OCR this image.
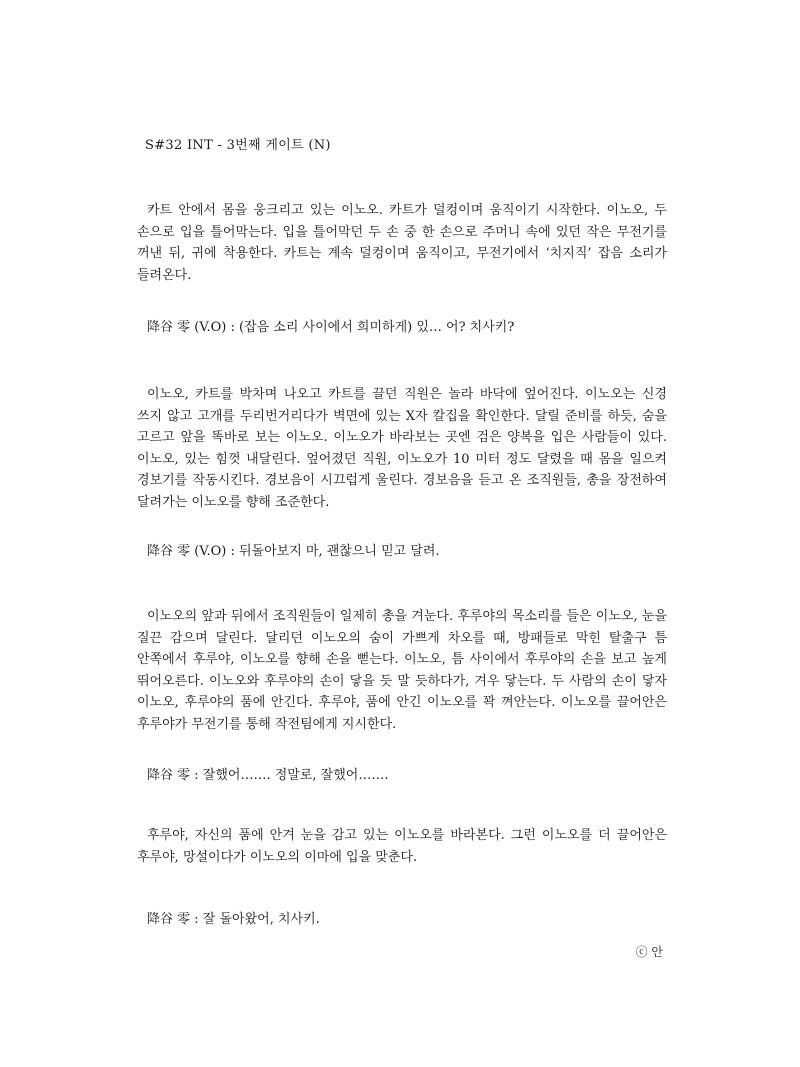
S#32 INT - 3번째 게이트 (N)

카트 안에서 몸을 웅크리고 있는 이노오. 카트가 덜컹이며 움직이기 시작한다. 이노오, 두 손으로 입을 틀어막는다. 입을 틀어막던 두 손 중 한 손으로 주머니 속에 있던 작은 무전기를 꺼낸 뒤, 귀에 착용한다. 카트는 계속 덜컹이며 움직이고, 무전기에서 ‘치지직’ 잡음 소리가 들려온다.

降谷 零 (V.O) : (잡음 소리 사이에서 희미하게) 있… 어? 치사키?

이노오, 카트를 박차며 나오고 카트를 끌던 직원은 놀라 바닥에 엎어진다. 이노오는 신경 쓰지 않고 고개를 두리번거리다가 벽면에 있는 X자 칼집을 확인한다. 달릴 준비를 하듯, 숨을 고르고 앞을 똑바로 보는 이노오. 이노오가 바라보는 곳엔 검은 양복을 입은 사람들이 있다. 이노오, 있는 힘껏 내달린다. 엎어졌던 직원, 이노오가 10 미터 정도 달렸을 때 몸을 일으켜 경보기를 작동시킨다. 경보음이 시끄럽게 울린다. 경보음을 듣고 온 조직원들, 총을 장전하여 달려가는 이노오를 향해 조준한다.

降谷 零 (V.O) : 뒤돌아보지 마, 괜찮으니 믿고 달려.

이노오의 앞과 뒤에서 조직원들이 일제히 총을 겨눈다. 후루야의 목소리를 들은 이노오, 눈을 질끈 감으며 달린다. 달리던 이노오의 숨이 가쁘게 차오를 때, 방패들로 막힌 탈출구 틈 안쪽에서 후루야, 이노오를 향해 손을 뻗는다. 이노오, 틈 사이에서 후루야의 손을 보고 높게 뛰어오른다. 이노오와 후루야의 손이 닿을 듯 말 듯하다가, 겨우 닿는다. 두 사람의 손이 닿자 이노오, 후루야의 품에 안긴다. 후루야, 품에 안긴 이노오를 꽉 껴안는다. 이노오를 끌어안은 후루야가 무전기를 통해 작전팀에게 지시한다.

降谷 零 : 잘했어……. 정말로, 잘했어…….

후루야, 자신의 품에 안겨 눈을 감고 있는 이노오를 바라본다. 그런 이노오를 더 끌어안은 후루야, 망설이다가 이노오의 이마에 입을 맞춘다.

降谷 零 : 잘 돌아왔어, 치사키.

ⓒ 안
